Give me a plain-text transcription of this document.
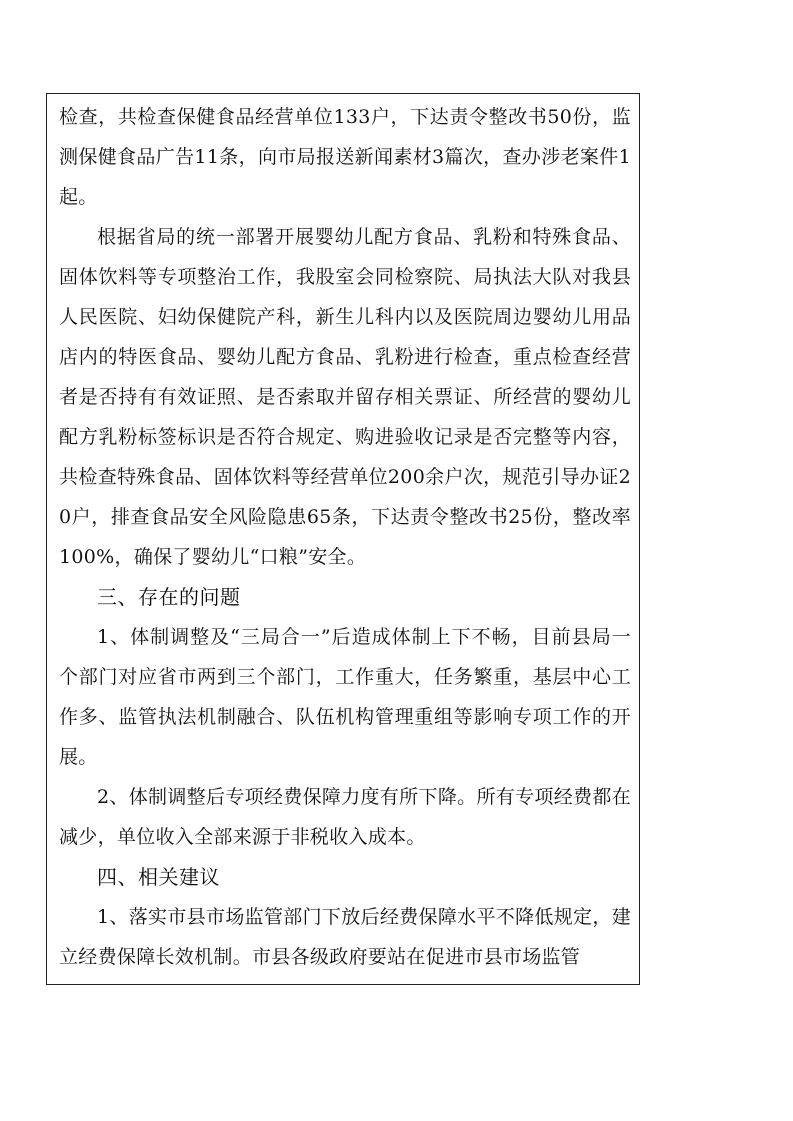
检查，共检查保健食品经营单位133户，下达责令整改书50份，监测保健食品广告11条，向市局报送新闻素材3篇次，查办涉老案件1起。

根据省局的统一部署开展婴幼儿配方食品、乳粉和特殊食品、固体饮料等专项整治工作，我股室会同检察院、局执法大队对我县人民医院、妇幼保健院产科，新生儿科内以及医院周边婴幼儿用品店内的特医食品、婴幼儿配方食品、乳粉进行检查，重点检查经营者是否持有有效证照、是否索取并留存相关票证、所经营的婴幼儿配方乳粉标签标识是否符合规定、购进验收记录是否完整等内容，共检查特殊食品、固体饮料等经营单位200余户次，规范引导办证20户，排查食品安全风险隐患65条，下达责令整改书25份，整改率100%，确保了婴幼儿“口粮”安全。

三、存在的问题

1、体制调整及“三局合一”后造成体制上下不畅，目前县局一个部门对应省市两到三个部门，工作重大，任务繁重，基层中心工作多、监管执法机制融合、队伍机构管理重组等影响专项工作的开展。

2、体制调整后专项经费保障力度有所下降。所有专项经费都在减少，单位收入全部来源于非税收入成本。

四、相关建议

1、落实市县市场监管部门下放后经费保障水平不降低规定，建立经费保障长效机制。市县各级政府要站在促进市县市场监管
